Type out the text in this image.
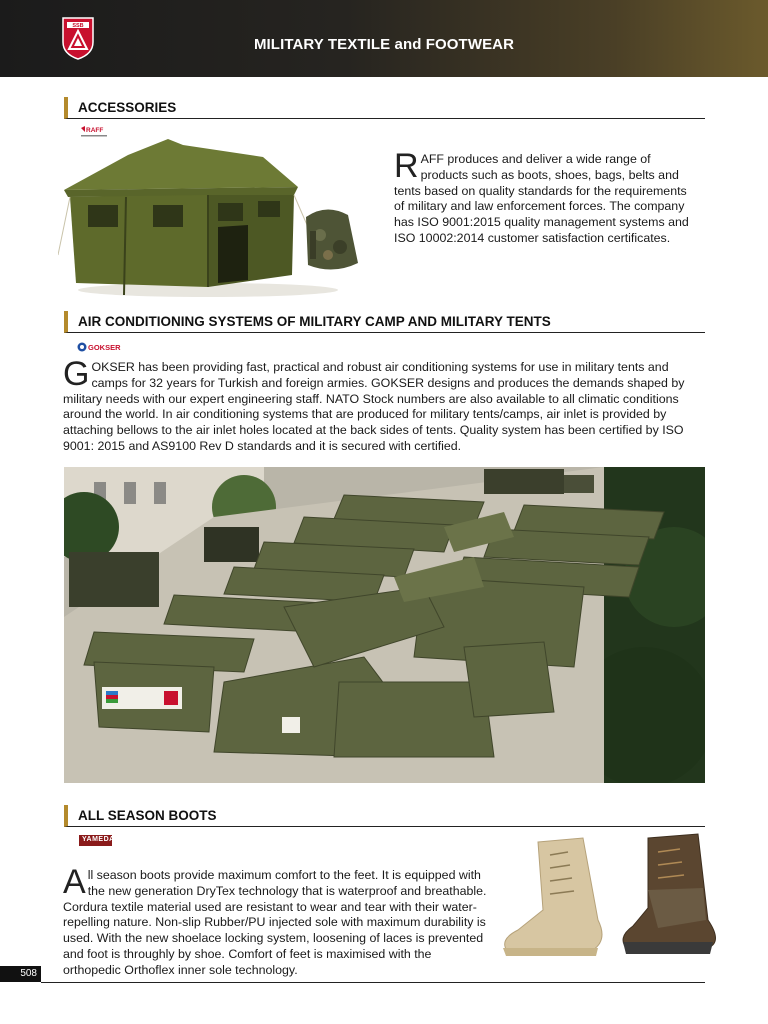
SSB
MILITARY TEXTILE and FOOTWEAR
ACCESSORIES
RAFF
RAFF produces and deliver a wide range of products such as boots, shoes, bags, belts and tents based on quality standards for the requirements of military and law enforcement forces. The company has ISO 9001:2015 quality management systems and ISO 10002:2014 customer satisfaction certificates.
AIR CONDITIONING SYSTEMS OF MILITARY CAMP AND MILITARY TENTS
GOKSER
GOKSER has been providing fast, practical and robust air conditioning systems for use in military tents and camps for 32 years for Turkish and foreign armies. GOKSER designs and produces the demands shaped by military needs with our expert engineering staff. NATO Stock numbers are also available to all climatic conditions around the world. In air conditioning systems that are produced for military tents/camps, air inlet is provided by attaching bellows to the air inlet holes located at the back sides of tents. Quality system has been certified by ISO 9001: 2015 and AS9100 Rev D standards and it is secured with certified.
ALL SEASON BOOTS
YAMEDA
All season boots provide maximum comfort to the feet. It is equipped with the new generation DryTex technology that is waterproof and breathable. Cordura textile material used are resistant to wear and tear with their water- repelling nature. Non-slip Rubber/PU injected sole with maximum durability is used. With the new shoelace locking system, loosening of laces is prevented and foot is throughly by shoe. Comfort of feet is maximised with the orthopedic Orthoflex inner sole technology.
508
